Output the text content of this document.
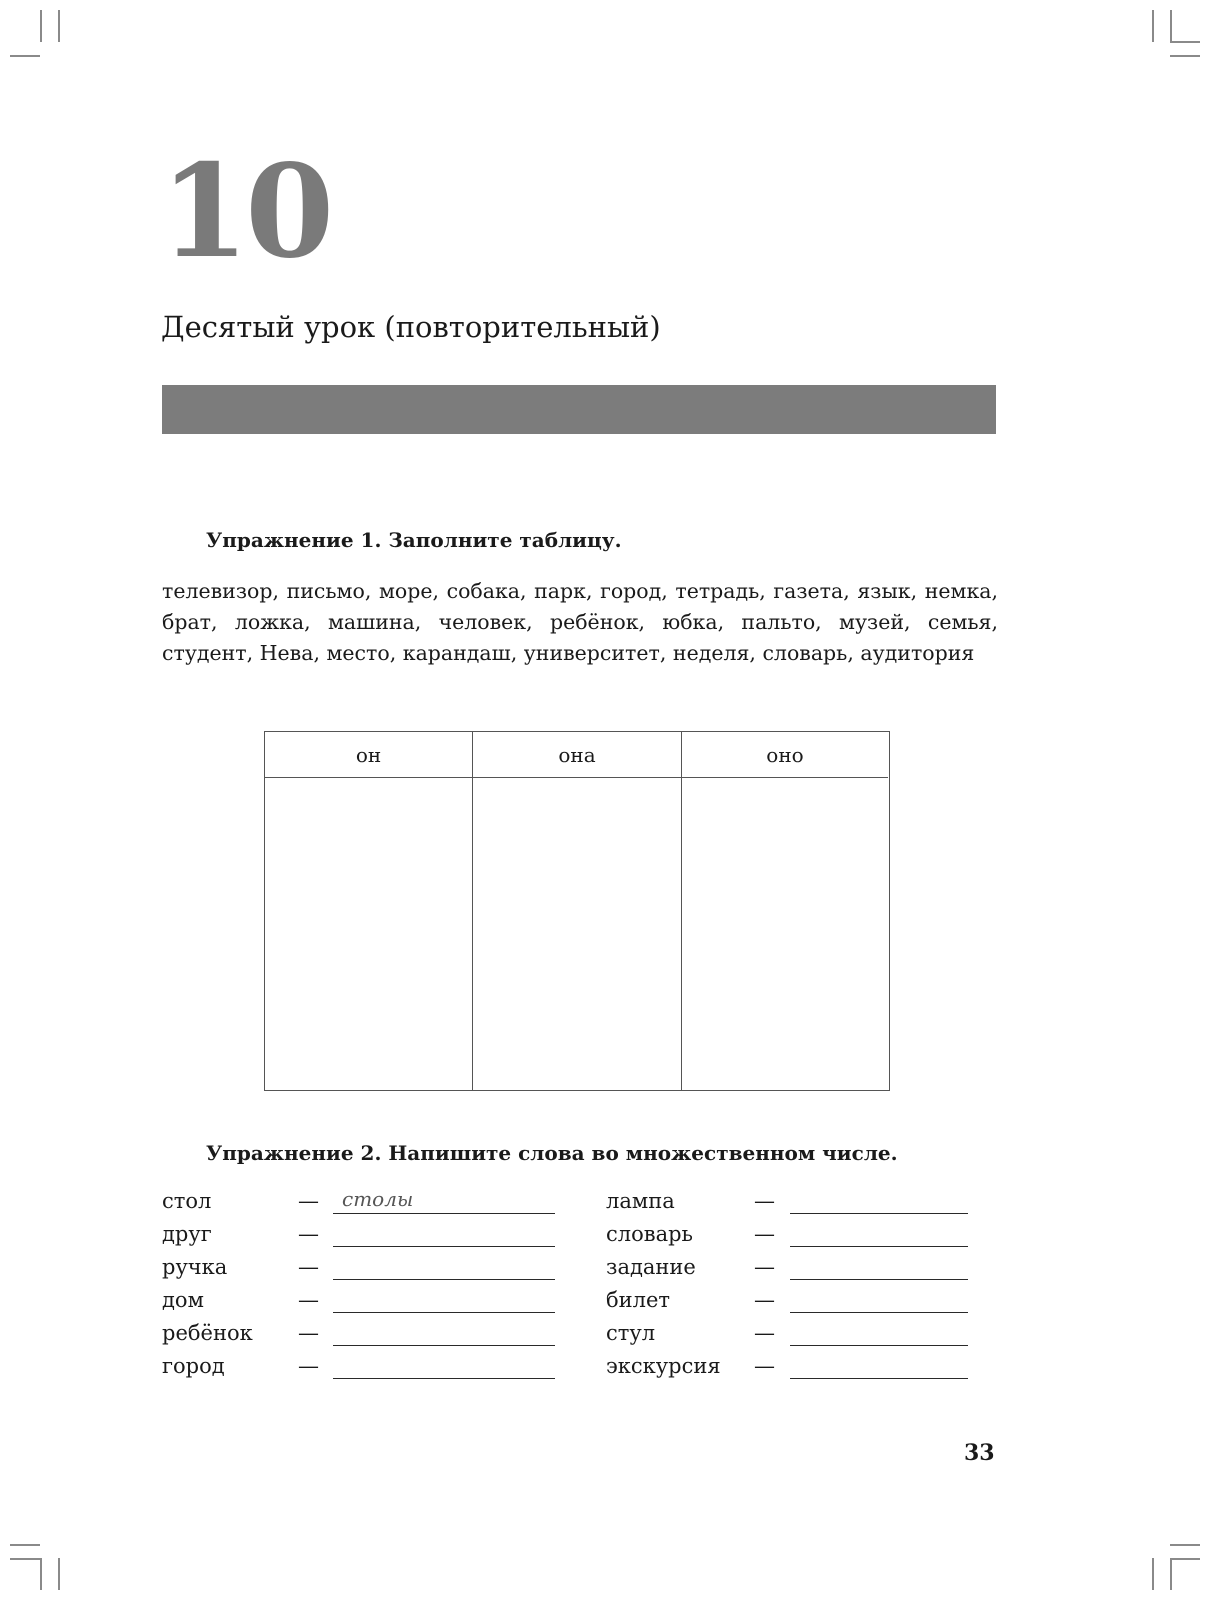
10
Десятый урок (повторительный)
Упражнение 1. Заполните таблицу.
телевизор, письмо, море, собака, парк, город, тетрадь, газета, язык, немка, брат, ложка, машина, человек, ребёнок, юбка, пальто, музей, семья, студент, Нева, место, карандаш, университет, неделя, словарь, аудитория
он	она	оно
Упражнение 2. Напишите слова во множественном числе.
стол	— столы
друг	—
ручка	—
дом	—
ребёнок —
город	—
лампа	—
словарь	—
задание	—
билет	—
стул	—
экскурсия —
33
